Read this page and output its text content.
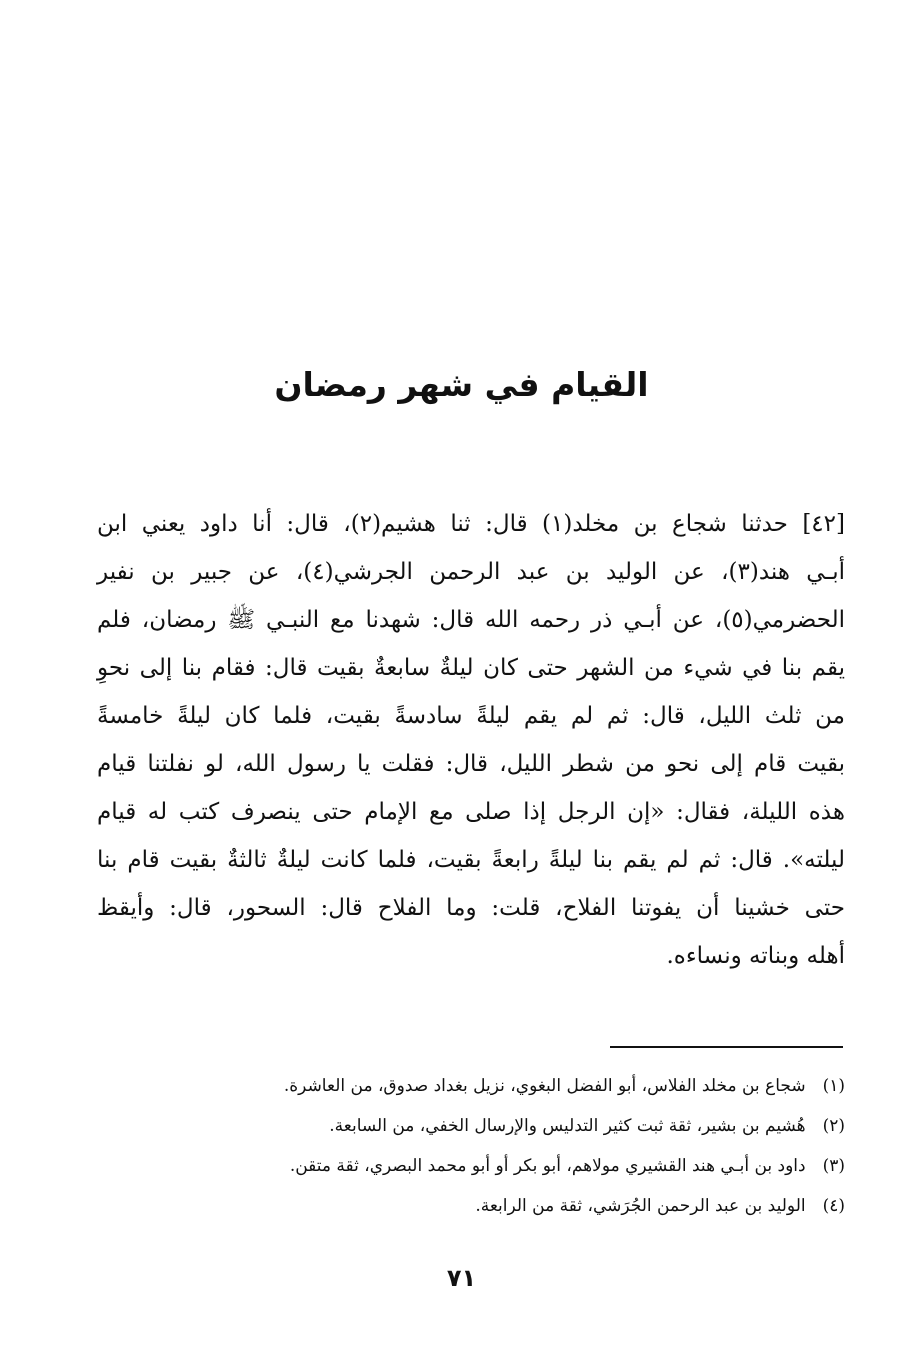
القيام في شهر رمضان
[٤٢] حدثنا شجاع بن مخلد(١) قال: ثنا هشيم(٢)، قال: أنا داود يعني ابن
أبـي هند(٣)، عن الوليد بن عبد الرحمن الجرشي(٤)، عن جبير بن نفير
الحضرمي(٥)، عن أبـي ذر رحمه الله قال: شهدنا مع النبـي ﷺ رمضان، فلم
يقم بنا في شيء من الشهر حتى كان ليلةٌ سابعةٌ بقيت قال: فقام بنا إلى نحوِ
من ثلث الليل، قال: ثم لم يقم ليلةً سادسةً بقيت، فلما كان ليلةً خامسةً
بقيت قام إلى نحو من شطر الليل، قال: فقلت يا رسول الله، لو نفلتنا قيام
هذه الليلة، فقال: «إن الرجل إذا صلى مع الإمام حتى ينصرف كتب له قيام
ليلته». قال: ثم لم يقم بنا ليلةً رابعةً بقيت، فلما كانت ليلةٌ ثالثةٌ بقيت قام بنا
حتى خشينا أن يفوتنا الفلاح، قلت: وما الفلاح قال: السحور، قال: وأيقظ
أهله وبناته ونساءه.
(١) شجاع بن مخلد الفلاس، أبو الفضل البغوي، نزيل بغداد صدوق، من العاشرة.
(٢) هُشيم بن بشير، ثقة ثبت كثير التدليس والإرسال الخفي، من السابعة.
(٣) داود بن أبـي هند القشيري مولاهم، أبو بكر أو أبو محمد البصري، ثقة متقن.
(٤) الوليد بن عبد الرحمن الجُرَشي، ثقة من الرابعة.
٧١
